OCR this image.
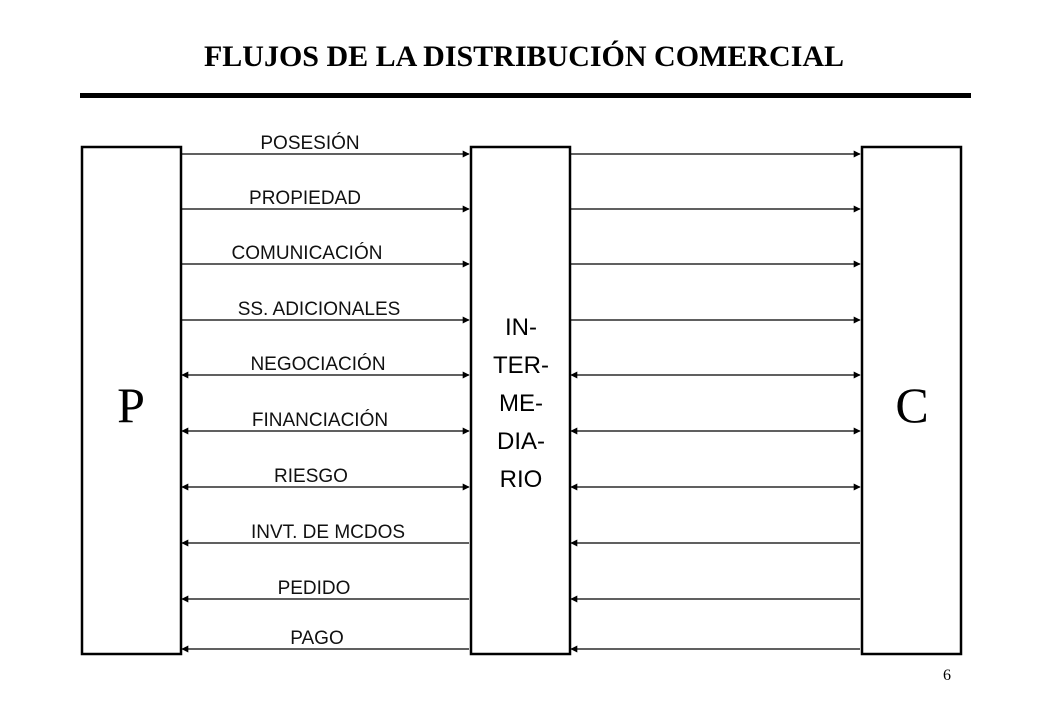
FLUJOS DE LA DISTRIBUCIÓN COMERCIAL
P	C
IN-
TER-
ME-
DIA-
RIO
POSESIÓN
PROPIEDAD
COMUNICACIÓN
SS. ADICIONALES
NEGOCIACIÓN
FINANCIACIÓN
RIESGO
INVT. DE MCDOS
PEDIDO
PAGO
6
